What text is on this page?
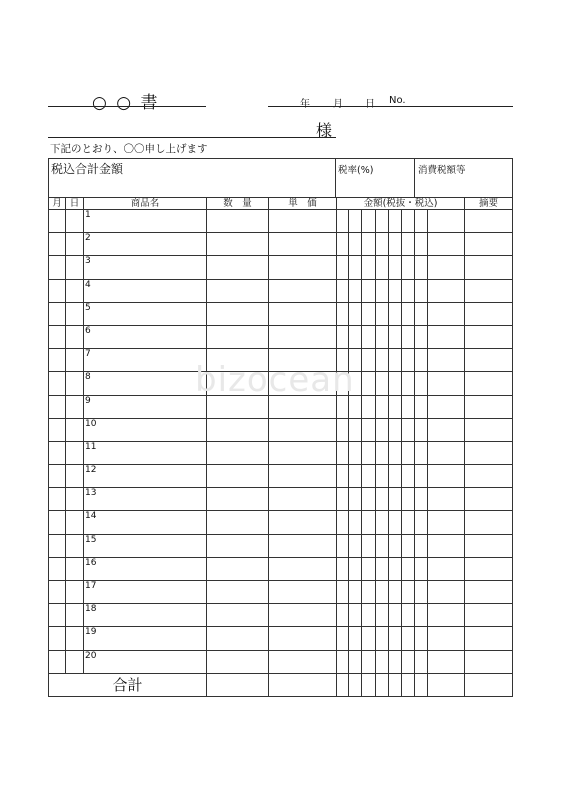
○ ○ 書	年 月 日 No.
様
下記のとおり、〇〇申し上げます
税込合計金額	税率(%)	消費税額等
月	日	商品名	数　量	単　価	金額(税抜・税込)								摘要
		1											
		2											
		3											
		4											
		5											
		6											
		7											
		8											
		9											
		10											
		11											
		12											
		13											
		14											
		15											
		16											
		17											
		18											
		19											
		20											
合計													
bizocean
